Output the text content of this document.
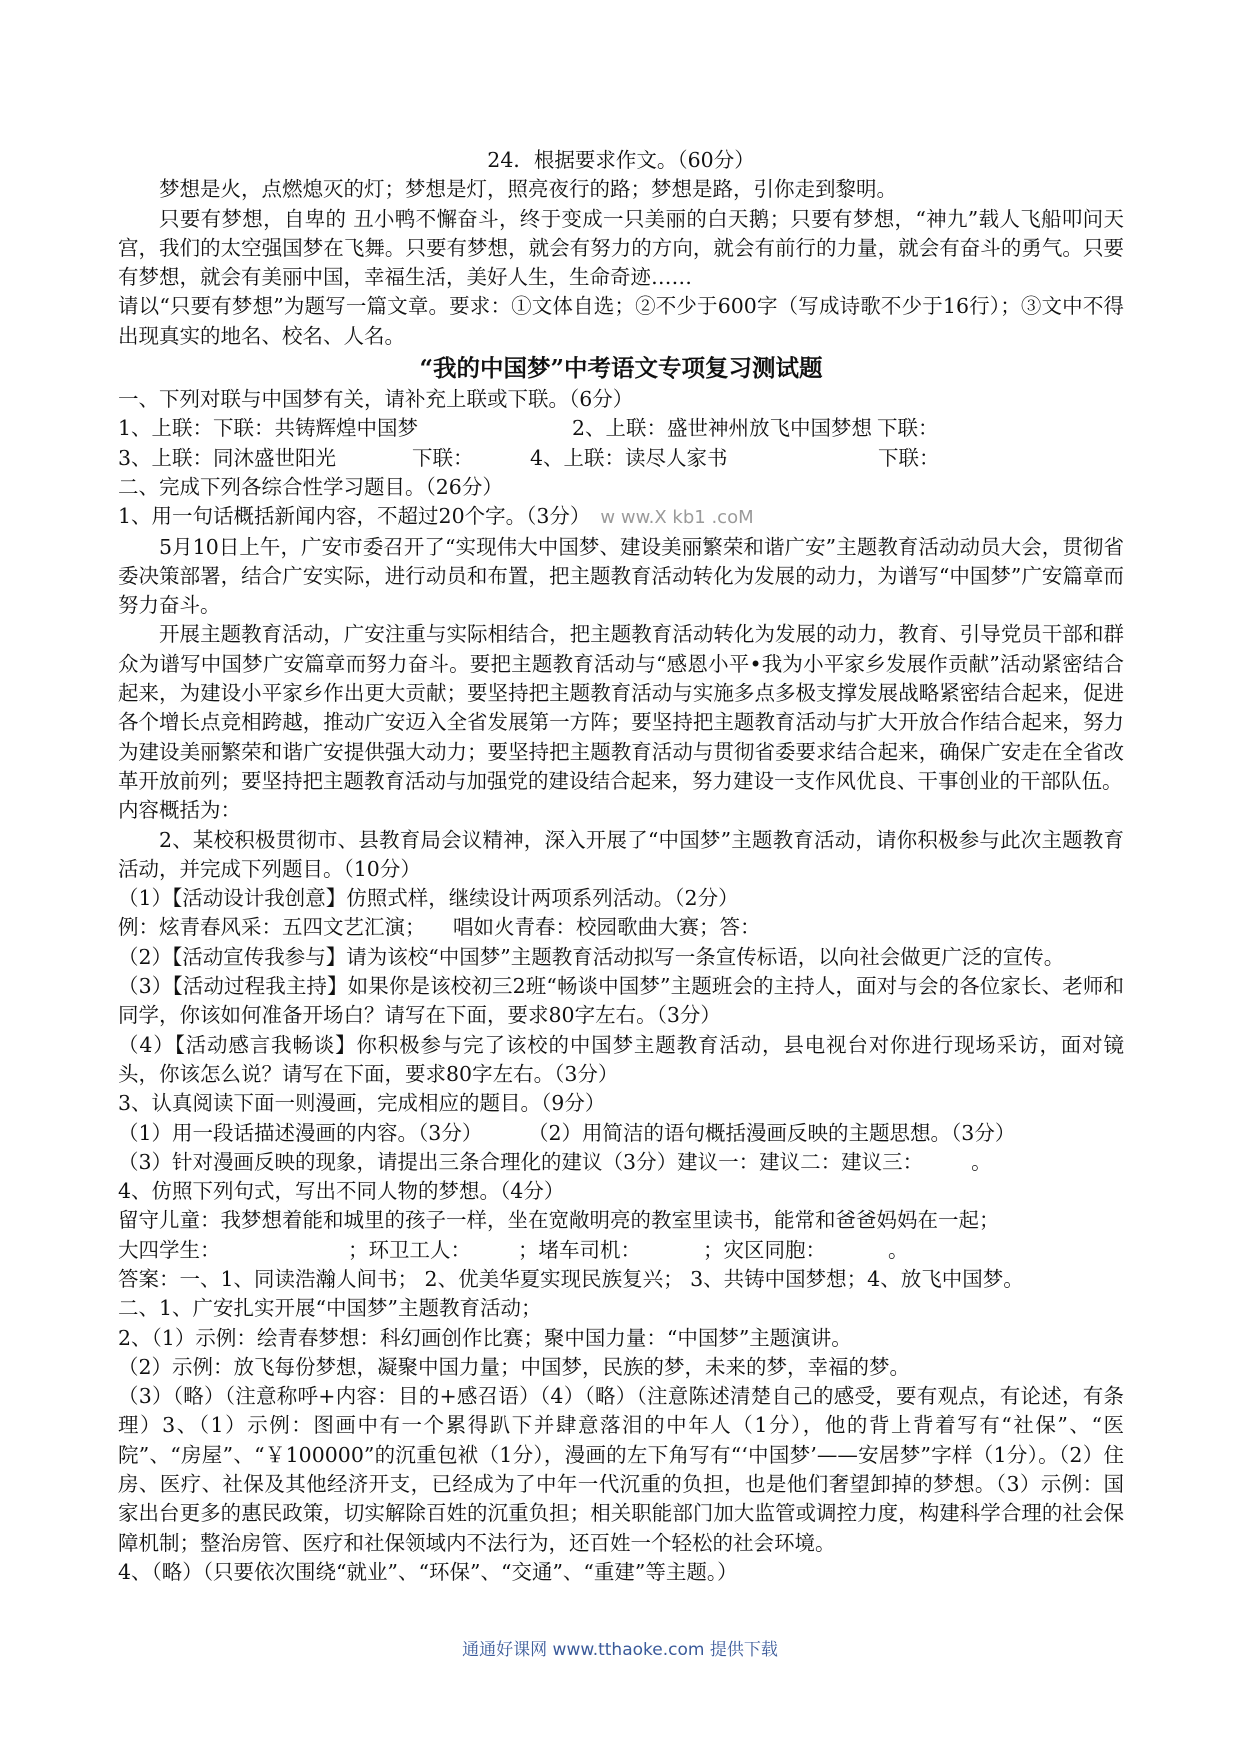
24．根据要求作文。（60分）
梦想是火，点燃熄灭的灯；梦想是灯，照亮夜行的路；梦想是路，引你走到黎明。
只要有梦想，自卑的 丑小鸭不懈奋斗，终于变成一只美丽的白天鹅；只要有梦想，“神九”载人飞船叩问天宫，我们的太空强国梦在飞舞。只要有梦想，就会有努力的方向，就会有前行的力量，就会有奋斗的勇气。只要有梦想，就会有美丽中国，幸福生活，美好人生，生命奇迹……
请以“只要有梦想”为题写一篇文章。要求：①文体自选；②不少于600字（写成诗歌不少于16行）；③文中不得出现真实的地名、校名、人名。
“我的中国梦”中考语文专项复习测试题
一、下列对联与中国梦有关，请补充上联或下联。（6分）
1、上联：下联：共铸辉煌中国梦	2、上联：盛世神州放飞中国梦想 下联：
3、上联：同沐盛世阳光	下联：	4、上联：读尽人家书	下联：
二、完成下列各综合性学习题目。（26分）
1、用一句话概括新闻内容，不超过20个字。（3分） w ww.X kb1 .coM
5月10日上午，广安市委召开了“实现伟大中国梦、建设美丽繁荣和谐广安”主题教育活动动员大会，贯彻省委决策部署，结合广安实际，进行动员和布置，把主题教育活动转化为发展的动力，为谱写“中国梦”广安篇章而努力奋斗。
开展主题教育活动，广安注重与实际相结合，把主题教育活动转化为发展的动力，教育、引导党员干部和群众为谱写中国梦广安篇章而努力奋斗。要把主题教育活动与“感恩小平•我为小平家乡发展作贡献”活动紧密结合起来，为建设小平家乡作出更大贡献；要坚持把主题教育活动与实施多点多极支撑发展战略紧密结合起来，促进各个增长点竞相跨越，推动广安迈入全省发展第一方阵；要坚持把主题教育活动与扩大开放合作结合起来，努力为建设美丽繁荣和谐广安提供强大动力；要坚持把主题教育活动与贯彻省委要求结合起来，确保广安走在全省改革开放前列；要坚持把主题教育活动与加强党的建设结合起来，努力建设一支作风优良、干事创业的干部队伍。
内容概括为：
2、某校积极贯彻市、县教育局会议精神，深入开展了“中国梦”主题教育活动，请你积极参与此次主题教育活动，并完成下列题目。（10分）
（1）【活动设计我创意】仿照式样，继续设计两项系列活动。（2分）
例：炫青春风采：五四文艺汇演； 唱如火青春：校园歌曲大赛；答：
（2）【活动宣传我参与】请为该校“中国梦”主题教育活动拟写一条宣传标语，以向社会做更广泛的宣传。
（3）【活动过程我主持】如果你是该校初三2班“畅谈中国梦”主题班会的主持人，面对与会的各位家长、老师和同学，你该如何准备开场白？请写在下面，要求80字左右。（3分）
（4）【活动感言我畅谈】你积极参与完了该校的中国梦主题教育活动，县电视台对你进行现场采访，面对镜头，你该怎么说？请写在下面，要求80字左右。（3分）
3、认真阅读下面一则漫画，完成相应的题目。（9分）
（1）用一段话描述漫画的内容。（3分） （2）用简洁的语句概括漫画反映的主题思想。（3分）
（3）针对漫画反映的现象，请提出三条合理化的建议（3分）建议一：建议二：建议三： 。
4、仿照下列句式，写出不同人物的梦想。（4分）
留守儿童：我梦想着能和城里的孩子一样，坐在宽敞明亮的教室里读书，能常和爸爸妈妈在一起；
大四学生：	；环卫工人： ；堵车司机：	；灾区同胞：	。
答案：一、1、同读浩瀚人间书； 2、优美华夏实现民族复兴； 3、共铸中国梦想；4、放飞中国梦。
二、1、广安扎实开展“中国梦”主题教育活动；
2、（1）示例：绘青春梦想：科幻画创作比赛；聚中国力量：“中国梦”主题演讲。
（2）示例：放飞每份梦想，凝聚中国力量；中国梦，民族的梦，未来的梦，幸福的梦。
（3）（略）（注意称呼+内容：目的+感召语）（4）（略）（注意陈述清楚自己的感受，要有观点，有论述，有条理）3、（1）示例：图画中有一个累得趴下并肆意落泪的中年人（1分），他的背上背着写有“社保”、“医院”、“房屋”、“￥100000”的沉重包袱（1分），漫画的左下角写有“‘中国梦’——安居梦”字样（1分）。（2）住房、医疗、社保及其他经济开支，已经成为了中年一代沉重的负担，也是他们奢望卸掉的梦想。（3）示例：国家出台更多的惠民政策，切实解除百姓的沉重负担；相关职能部门加大监管或调控力度，构建科学合理的社会保障机制；整治房管、医疗和社保领域内不法行为，还百姓一个轻松的社会环境。
4、（略）（只要依次围绕“就业”、“环保”、“交通”、“重建”等主题。）
通通好课网 www.tthaoke.com 提供下载
